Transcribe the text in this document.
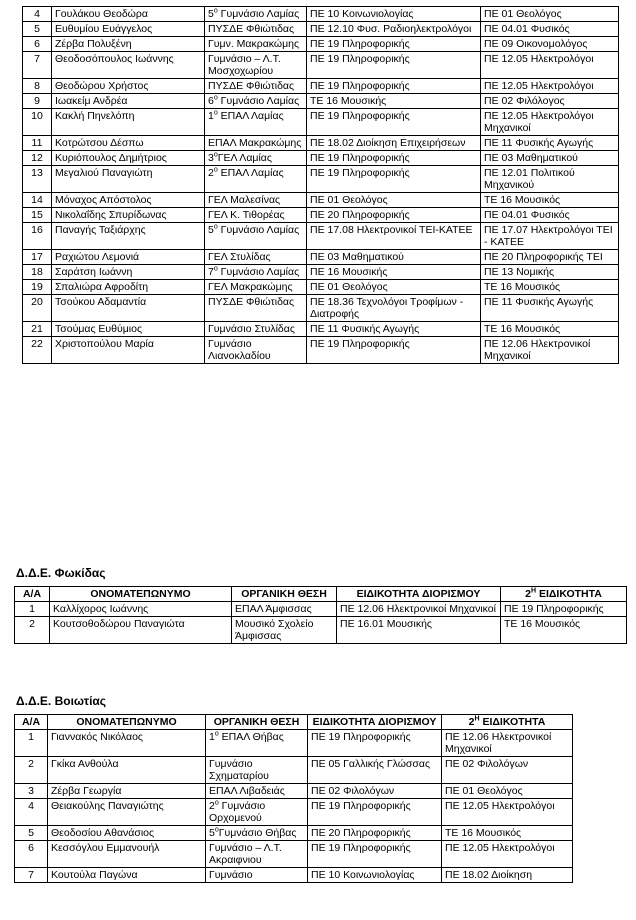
4	Γουλάκου Θεοδώρα	$5^o$ Γυμνάσιο Λαμίας	ΠΕ 10 Κοινωνιολογίας	ΠΕ 01 Θεολόγος
5	Ευθυμίου Ευάγγελος	ΠΥΣΔΕ Φθιώτιδας	ΠΕ 12.10 Φυσ. Ραδιοηλεκτρολόγοι	ΠΕ 04.01 Φυσικός
6	Ζέρβα Πολυξένη	Γυμν. Μακρακώμης	ΠΕ 19 Πληροφορικής	ΠΕ 09 Οικονομολόγος
7	Θεοδοσόπουλος Ιωάννης	Γυμνάσιο – Λ.Τ. Μοσχοχωρίου	ΠΕ 19 Πληροφορικής	ΠΕ 12.05 Ηλεκτρολόγοι
8	Θεοδώρου Χρήστος	ΠΥΣΔΕ Φθιώτιδας	ΠΕ 19 Πληροφορικής	ΠΕ 12.05 Ηλεκτρολόγοι
9	Ιωακείμ Ανδρέα	$6^o$ Γυμνάσιο Λαμίας	ΤΕ 16 Μουσικής	ΠΕ 02 Φιλόλογος
10	Κακλή Πηνελόπη	$1^o$ ΕΠΑΛ Λαμίας	ΠΕ 19 Πληροφορικής	ΠΕ 12.05 Ηλεκτρολόγοι Μηχανικοί
11	Κοτρώτσου Δέσπω	ΕΠΑΛ Μακρακώμης	ΠΕ 18.02 Διοίκηση Επιχειρήσεων	ΠΕ 11 Φυσικής Αγωγής
12	Κυριόπουλος Δημήτριος	$3^o\Gamma E\Lambda$ Λαμίας	ΠΕ 19 Πληροφορικής	ΠΕ 03 Μαθηματικού
13	Μεγαλιού Παναγιώτη	$2^o$ ΕΠΑΛ Λαμίας	ΠΕ 19 Πληροφορικής	ΠΕ 12.01 Πολιτικού Μηχανικού
14	Μόναχος Απόστολος	ΓΕΛ Μαλεσίνας	ΠΕ 01 Θεολόγος	ΤΕ 16 Μουσικός
15	Νικολαΐδης Σπυρίδωνας	ΓΕΛ Κ. Τιθορέας	ΠΕ 20 Πληροφορικής	ΠΕ 04.01 Φυσικός
16	Παναγής Ταξιάρχης	$5^o$ Γυμνάσιο Λαμίας	ΠΕ 17.08 Ηλεκτρονικοί ΤΕΙ-ΚΑΤΕΕ	ΠΕ 17.07 Ηλεκτρολόγοι ΤΕΙ - ΚΑΤΕΕ
17	Ραχιώτου Λεμονιά	ΓΕΛ Στυλίδας	ΠΕ 03 Μαθηματικού	ΠΕ 20 Πληροφορικής ΤΕΙ
18	Σαράτση Ιωάννη	$7^o$ Γυμνάσιο Λαμίας	ΠΕ 16 Μουσικής	ΠΕ 13 Νομικής
19	Σπαλιώρα Αφροδίτη	ΓΕΛ Μακρακώμης	ΠΕ 01 Θεολόγος	ΤΕ 16 Μουσικός
20	Τσούκου Αδαμαντία	ΠΥΣΔΕ Φθιώτιδας	ΠΕ 18.36 Τεχνολόγοι Τροφίμων - Διατροφής	ΠΕ 11 Φυσικής Αγωγής
21	Τσούμας Ευθύμιος	Γυμνάσιο Στυλίδας	ΠΕ 11 Φυσικής Αγωγής	ΤΕ 16 Μουσικός
22	Χριστοπούλου Μαρία	Γυμνάσιο Λιανοκλαδίου	ΠΕ 19 Πληροφορικής	ΠΕ 12.06 Ηλεκτρονικοί Μηχανικοί
Δ.Δ.Ε. Φωκίδας
Α/Α	ΟΝΟΜΑΤΕΠΩΝΥΜΟ	ΟΡΓΑΝΙΚΗ ΘΕΣΗ	ΕΙΔΙΚΟΤΗΤΑ ΔΙΟΡΙΣΜΟΥ	$2^H$ ΕΙΔΙΚΟΤΗΤΑ
1	Καλλίχορος Ιωάννης	ΕΠΑΛ Άμφισσας	ΠΕ 12.06 Ηλεκτρονικοί Μηχανικοί	ΠΕ 19 Πληροφορικής
2	Κουτσοθοδώρου Παναγιώτα	Μουσικό Σχολείο Άμφισσας	ΠΕ 16.01 Μουσικής	ΤΕ 16 Μουσικός
Δ.Δ.Ε. Βοιωτίας
Α/Α	ΟΝΟΜΑΤΕΠΩΝΥΜΟ	ΟΡΓΑΝΙΚΗ ΘΕΣΗ	ΕΙΔΙΚΟΤΗΤΑ ΔΙΟΡΙΣΜΟΥ	$2^H$ ΕΙΔΙΚΟΤΗΤΑ
1	Γιαννακός Νικόλαος	$1^o$ ΕΠΑΛ Θήβας	ΠΕ 19 Πληροφορικής	ΠΕ 12.06 Ηλεκτρονικοί Μηχανικοί
2	Γκίκα Ανθούλα	Γυμνάσιο Σχηματαρίου	ΠΕ 05 Γαλλικής Γλώσσας	ΠΕ 02 Φιλολόγων
3	Ζέρβα Γεωργία	ΕΠΑΛ Λιβαδειάς	ΠΕ 02 Φιλολόγων	ΠΕ 01 Θεολόγος
4	Θειακούλης Παναγιώτης	$2^o$ Γυμνάσιο Ορχομενού	ΠΕ 19 Πληροφορικής	ΠΕ 12.05 Ηλεκτρολόγοι
5	Θεοδοσίου Αθανάσιος	$5^o\Gamma\upsilon\mu\nu ά\sigma\iota o$ Θήβας	ΠΕ 20 Πληροφορικής	ΤΕ 16 Μουσικός
6	Κεσσόγλου Εμμανουήλ	Γυμνάσιο – Λ.Τ. Ακραιφνιου	ΠΕ 19 Πληροφορικής	ΠΕ 12.05 Ηλεκτρολόγοι
7	Κουτούλα Παγώνα	Γυμνάσιο	ΠΕ 10 Κοινωνιολογίας	ΠΕ 18.02 Διοίκηση
